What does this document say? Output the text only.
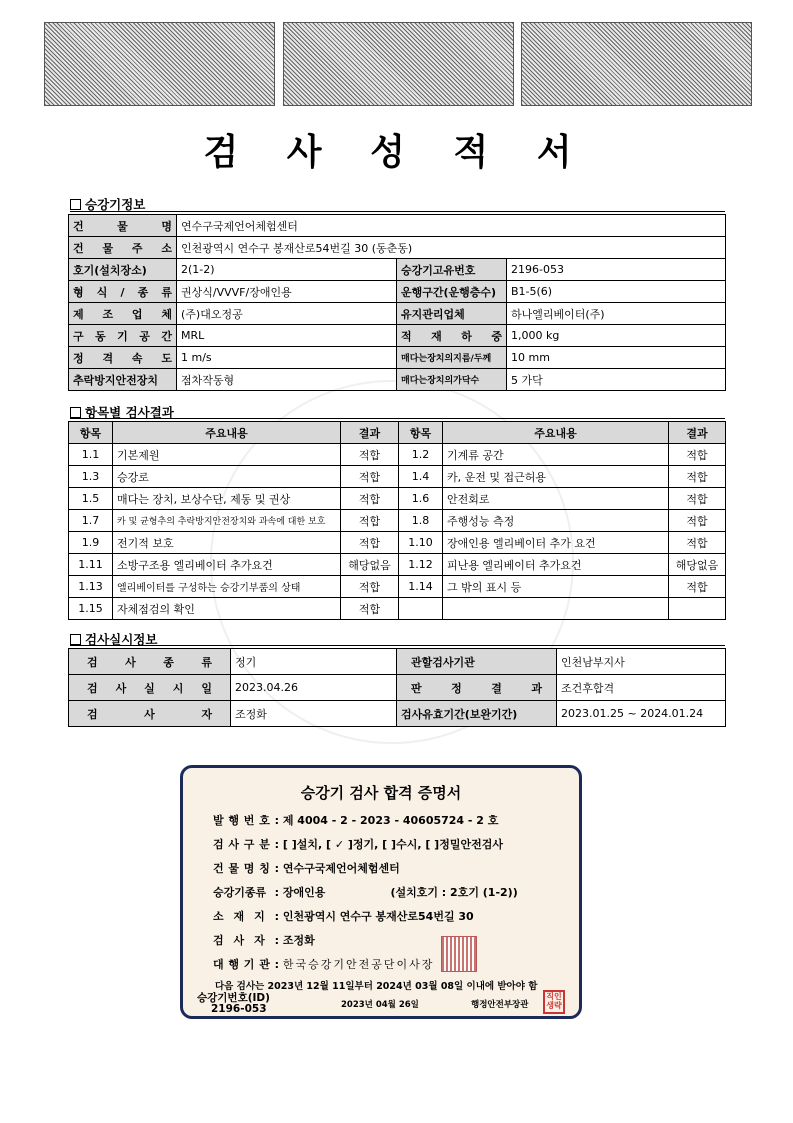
검 사 성 적 서
승강기정보
건 물 명	연수구국제언어체험센터		
건 물 주 소	인천광역시 연수구 봉재산로54번길 30 (동춘동)		
호기(설치장소)	2(1-2)	승강기고유번호	2196-053
형 식 / 종 류	권상식/VVVF/장애인용	운행구간(운행층수)	B1-5(6)
제 조 업 체	(주)대오정공	유지관리업체	하나엘리베이터(주)
구 동 기 공 간	MRL	적 재 하 중	1,000 kg
정 격 속 도	1 m/s	매다는장치의지름/두께	10 mm
추락방지안전장치	점차작동형	매다는장치의가닥수	5 가닥
항목별 검사결과
항목	주요내용	결과	항목	주요내용	결과
1.1	기본제원	적합	1.2	기계류 공간	적합
1.3	승강로	적합	1.4	카, 운전 및 접근허용	적합
1.5	매다는 장치, 보상수단, 제동 및 권상	적합	1.6	안전회로	적합
1.7	카 및 균형추의 추락방지안전장치와 과속에 대한 보호	적합	1.8	주행성능 측정	적합
1.9	전기적 보호	적합	1.10	장애인용 엘리베이터 추가 요건	적합
1.11	소방구조용 엘리베이터 추가요건	해당없음	1.12	피난용 엘리베이터 추가요건	해당없음
1.13	엘리베이터를 구성하는 승강기부품의 상태	적합	1.14	그 밖의 표시 등	적합
1.15	자체점검의 확인	적합			
검사실시정보
검 사 종 류	정기	관할검사기관	인천남부지사
검 사 실 시 일	2023.04.26	판 정 결 과	조건후합격
검 사 자	조정화	검사유효기간(보완기간)	2023.01.25 ~ 2024.01.24
승강기 검사 합격 증명서
발 행 번 호 : 제 4004 - 2 - 2023 - 40605724 - 2 호
검 사 구 분 : [ ]설치, [ ✓ ]정기, [ ]수시, [ ]정밀안전검사
건 물 명 칭 : 연수구국제언어체험센터
승강기종류 : 장애인용                 (설치호기 : 2호기 (1-2))
소 재 지 : 인천광역시 연수구 봉재산로54번길 30
검 사 자 : 조정화
대 행 기 관 : 한국승강기안전공단이사장
다음 검사는 2023년 12월 11일부터 2024년 03월 08일 이내에 받아야 함
승강기번호(ID)
2196-053	2023년 04월 26일	행정안전부장관
직인생략
